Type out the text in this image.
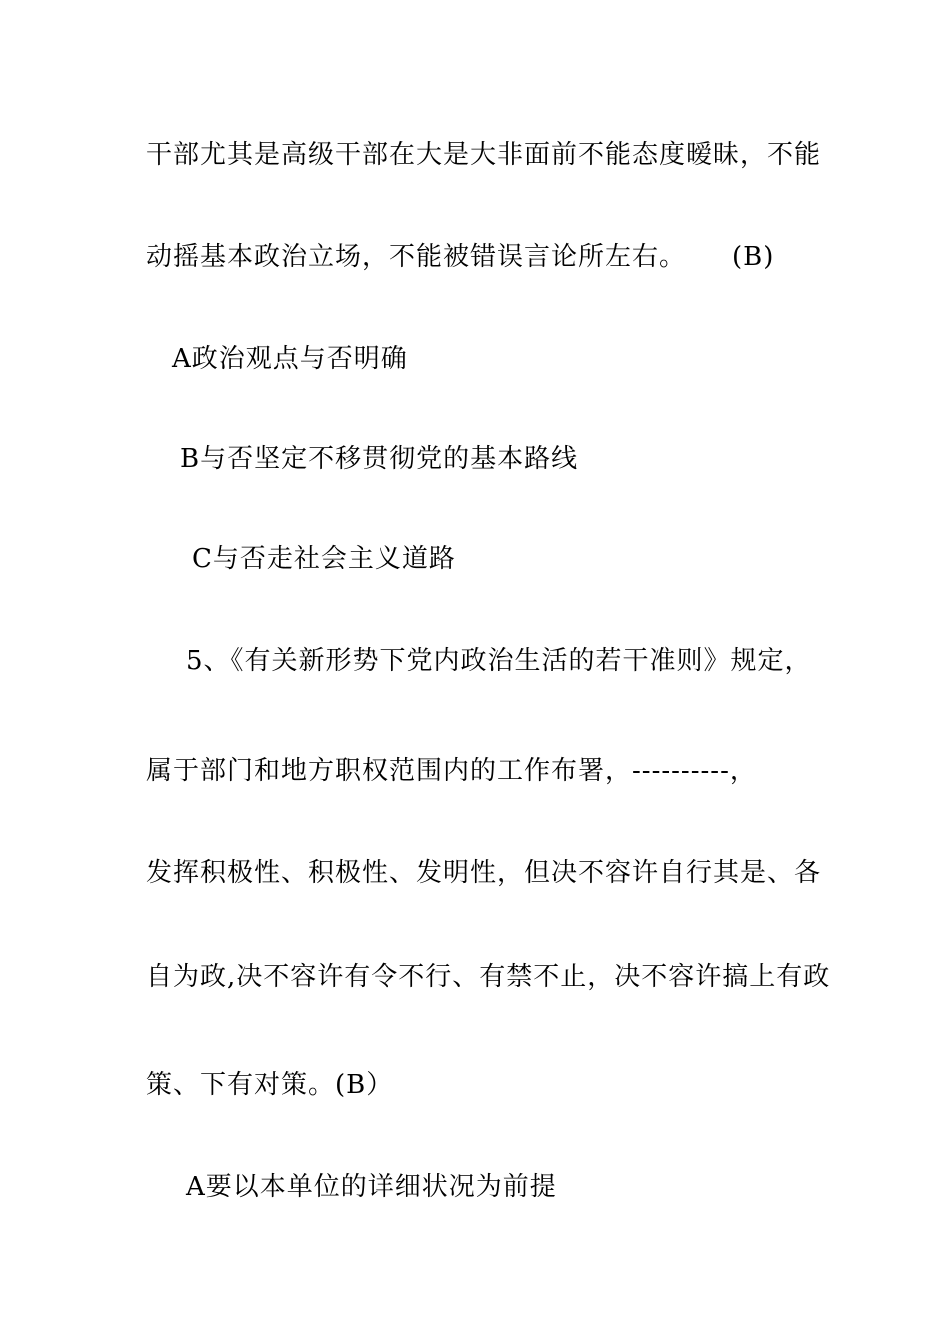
干部尤其是高级干部在大是大非面前不能态度暧昧，不能
动摇基本政治立场，不能被错误言论所左右。 (B)
A政治观点与否明确
B与否坚定不移贯彻党的基本路线
C与否走社会主义道路
5、《有关新形势下党内政治生活的若干准则》规定，
属于部门和地方职权范围内的工作布署，----------，
发挥积极性、积极性、发明性，但决不容许自行其是、各
自为政,决不容许有令不行、有禁不止，决不容许搞上有政
策、下有对策。(B）
A要以本单位的详细状况为前提
